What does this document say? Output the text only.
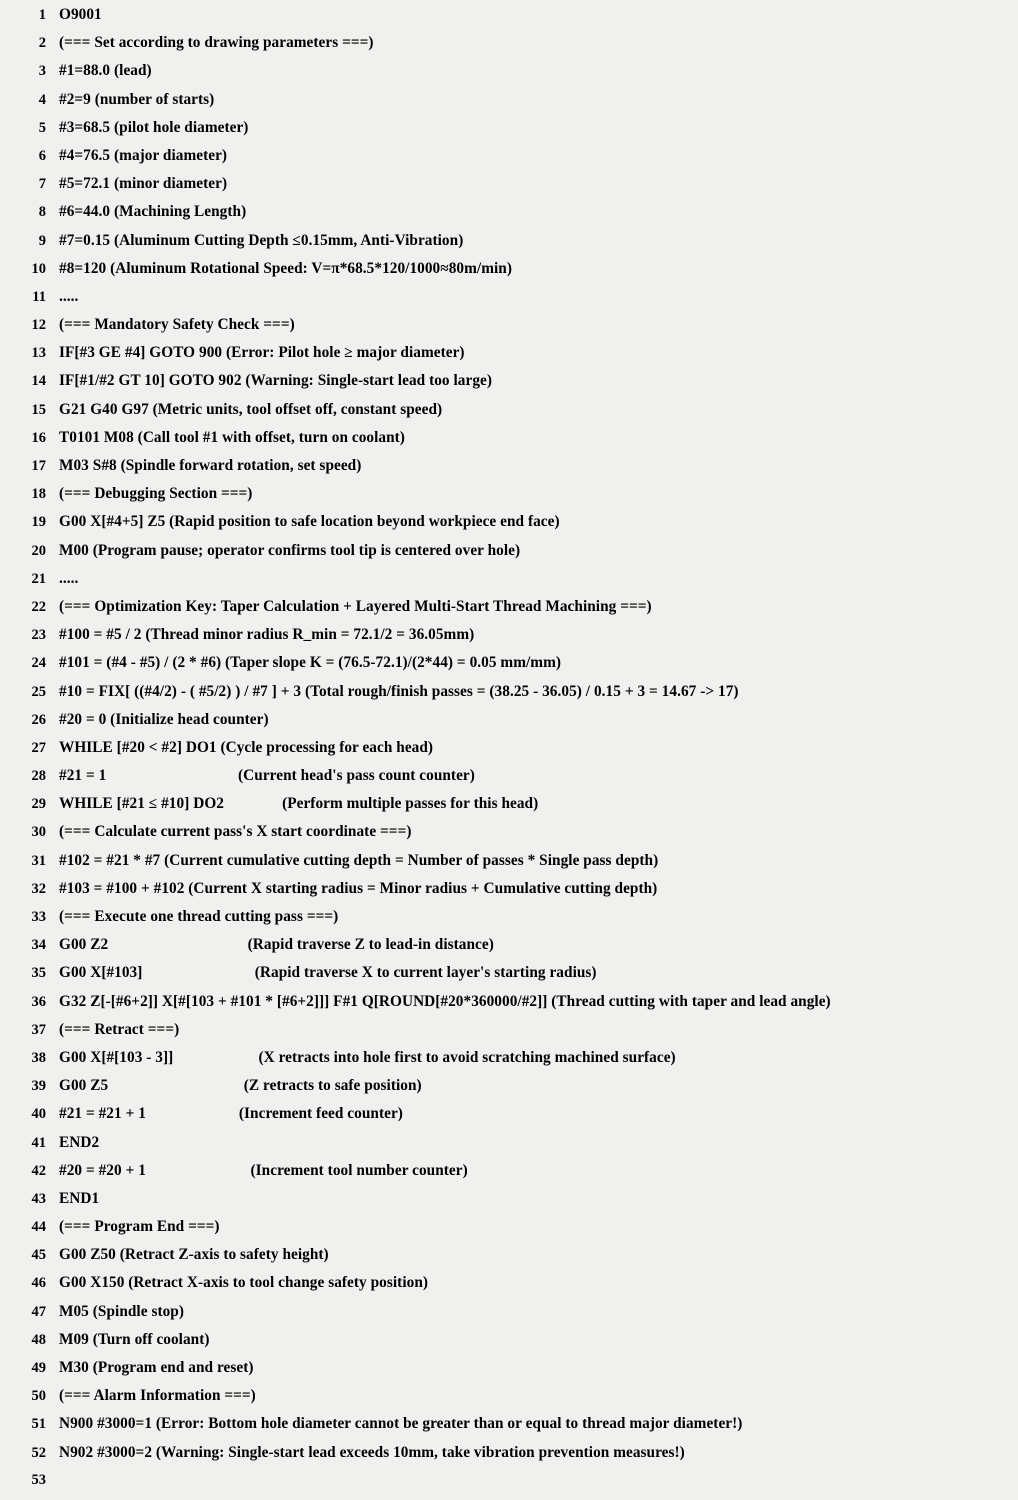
1 O9001
2 (=== Set according to drawing parameters ===)
3 #1=88.0 (lead)
4 #2=9 (number of starts)
5 #3=68.5 (pilot hole diameter)
6 #4=76.5 (major diameter)
7 #5=72.1 (minor diameter)
8 #6=44.0 (Machining Length)
9 #7=0.15 (Aluminum Cutting Depth ≤0.15mm, Anti-Vibration)
10 #8=120 (Aluminum Rotational Speed: V=π*68.5*120/1000≈80m/min)
11 .....
12 (=== Mandatory Safety Check ===)
13 IF[#3 GE #4] GOTO 900 (Error: Pilot hole ≥ major diameter)
14 IF[#1/#2 GT 10] GOTO 902 (Warning: Single-start lead too large)
15 G21 G40 G97 (Metric units, tool offset off, constant speed)
16 T0101 M08 (Call tool #1 with offset, turn on coolant)
17 M03 S#8 (Spindle forward rotation, set speed)
18 (=== Debugging Section ===)
19 G00 X[#4+5] Z5 (Rapid position to safe location beyond workpiece end face)
20 M00 (Program pause; operator confirms tool tip is centered over hole)
21 .....
22 (=== Optimization Key: Taper Calculation + Layered Multi-Start Thread Machining ===)
23 #100 = #5 / 2 (Thread minor radius R_min = 72.1/2 = 36.05mm)
24 #101 = (#4 - #5) / (2 * #6) (Taper slope K = (76.5-72.1)/(2*44) = 0.05 mm/mm)
25 #10 = FIX[ ((#4/2) - ( #5/2) ) / #7 ] + 3 (Total rough/finish passes = (38.25 - 36.05) / 0.15 + 3 = 14.67 -> 17)
26 #20 = 0 (Initialize head counter)
27 WHILE [#20 < #2] DO1 (Cycle processing for each head)
28 #21 = 1                                  (Current head's pass count counter)
29 WHILE [#21 ≤ #10] DO2               (Perform multiple passes for this head)
30 (=== Calculate current pass's X start coordinate ===)
31 #102 = #21 * #7 (Current cumulative cutting depth = Number of passes * Single pass depth)
32 #103 = #100 + #102 (Current X starting radius = Minor radius + Cumulative cutting depth)
33 (=== Execute one thread cutting pass ===)
34 G00 Z2                                    (Rapid traverse Z to lead-in distance)
35 G00 X[#103]                             (Rapid traverse X to current layer's starting radius)
36 G32 Z[-[#6+2]] X[#[103 + #101 * [#6+2]]] F#1 Q[ROUND[#20*360000/#2]] (Thread cutting with taper and lead angle)
37 (=== Retract ===)
38 G00 X[#[103 - 3]]                      (X retracts into hole first to avoid scratching machined surface)
39 G00 Z5                                   (Z retracts to safe position)
40 #21 = #21 + 1                        (Increment feed counter)
41 END2
42 #20 = #20 + 1                           (Increment tool number counter)
43 END1
44 (=== Program End ===)
45 G00 Z50 (Retract Z-axis to safety height)
46 G00 X150 (Retract X-axis to tool change safety position)
47 M05 (Spindle stop)
48 M09 (Turn off coolant)
49 M30 (Program end and reset)
50 (=== Alarm Information ===)
51 N900 #3000=1 (Error: Bottom hole diameter cannot be greater than or equal to thread major diameter!)
52 N902 #3000=2 (Warning: Single-start lead exceeds 10mm, take vibration prevention measures!)
53
